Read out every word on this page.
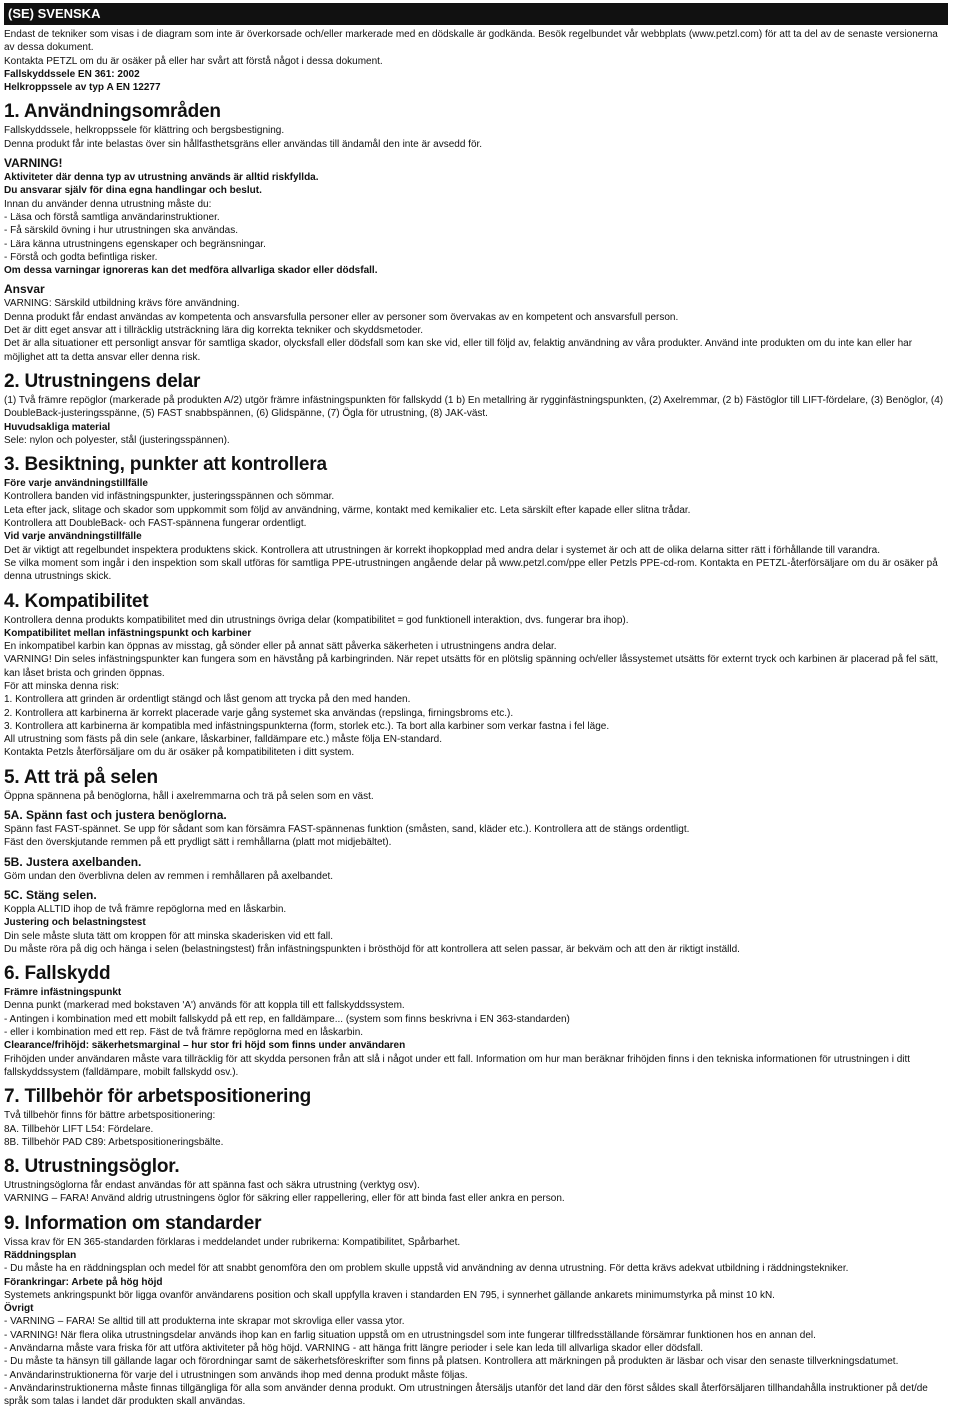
(SE) SVENSKA
Endast de tekniker som visas i de diagram som inte är överkorsade och/eller markerade med en dödskalle är godkända. Besök regelbundet vår webbplats (www.petzl.com) för att ta del av de senaste versionerna av dessa dokument.
Kontakta PETZL om du är osäker på eller har svårt att förstå något i dessa dokument.
Fallskyddssele EN 361: 2002
Helkroppssele av typ A EN 12277
1. Användningsområden
Fallskyddssele, helkroppssele för klättring och bergsbestigning.
Denna produkt får inte belastas över sin hållfasthetsgräns eller användas till ändamål den inte är avsedd för.
VARNING!
Aktiviteter där denna typ av utrustning används är alltid riskfyllda.
Du ansvarar själv för dina egna handlingar och beslut.
Innan du använder denna utrustning måste du:
- Läsa och förstå samtliga användarinstruktioner.
- Få särskild övning i hur utrustningen ska användas.
- Lära känna utrustningens egenskaper och begränsningar.
- Förstå och godta befintliga risker.
Om dessa varningar ignoreras kan det medföra allvarliga skador eller dödsfall.
Ansvar
VARNING: Särskild utbildning krävs före användning.
Denna produkt får endast användas av kompetenta och ansvarsfulla personer eller av personer som övervakas av en kompetent och ansvarsfull person.
Det är ditt eget ansvar att i tillräcklig utsträckning lära dig korrekta tekniker och skyddsmetoder.
Det är alla situationer ett personligt ansvar för samtliga skador, olycksfall eller dödsfall som kan ske vid, eller till följd av, felaktig användning av våra produkter. Använd inte produkten om du inte kan eller har möjlighet att ta detta ansvar eller denna risk.
2. Utrustningens delar
(1) Två främre repöglor (markerade på produkten A/2) utgör främre infästningspunkten för fallskydd (1 b) En metallring är rygginfästningspunkten, (2) Axelremmar, (2 b) Fästöglor till LIFT-fördelare, (3) Benöglor, (4) DoubleBack-justeringsspänne, (5) FAST snabbspännen, (6) Glidspänne, (7) Ögla för utrustning, (8) JAK-väst.
Huvudsakliga material
Sele: nylon och polyester, stål (justeringsspännen).
3. Besiktning, punkter att kontrollera
Före varje användningstillfälle
Kontrollera banden vid infästningspunkter, justeringsspännen och sömmar.
Leta efter jack, slitage och skador som uppkommit som följd av användning, värme, kontakt med kemikalier etc. Leta särskilt efter kapade eller slitna trådar.
Kontrollera att DoubleBack- och FAST-spännena fungerar ordentligt.
Vid varje användningstillfälle
Det är viktigt att regelbundet inspektera produktens skick. Kontrollera att utrustningen är korrekt ihopkopplad med andra delar i systemet är och att de olika delarna sitter rätt i förhållande till varandra.
Se vilka moment som ingår i den inspektion som skall utföras för samtliga PPE-utrustningen angående delar på www.petzl.com/ppe eller Petzls PPE-cd-rom. Kontakta en PETZL-återförsäljare om du är osäker på denna utrustnings skick.
4. Kompatibilitet
Kontrollera denna produkts kompatibilitet med din utrustnings övriga delar (kompatibilitet = god funktionell interaktion, dvs. fungerar bra ihop).
Kompatibilitet mellan infästningspunkt och karbiner
En inkompatibel karbin kan öppnas av misstag, gå sönder eller på annat sätt påverka säkerheten i utrustningens andra delar.
VARNING! Din seles infästningspunkter kan fungera som en hävstång på karbingrinden. När repet utsätts för en plötslig spänning och/eller låssystemet utsätts för externt tryck och karbinen är placerad på fel sätt, kan låset brista och grinden öppnas.
För att minska denna risk:
1. Kontrollera att grinden är ordentligt stängd och låst genom att trycka på den med handen.
2. Kontrollera att karbinerna är korrekt placerade varje gång systemet ska användas (repslinga, firningsbroms etc.).
3. Kontrollera att karbinerna är kompatibla med infästningspunkterna (form, storlek etc.). Ta bort alla karbiner som verkar fastna i fel läge.
All utrustning som fästs på din sele (ankare, låskarbiner, falldämpare etc.) måste följa EN-standard.
Kontakta Petzls återförsäljare om du är osäker på kompatibiliteten i ditt system.
5. Att trä på selen
Öppna spännena på benöglorna, håll i axelremmarna och trä på selen som en väst.
5A. Spänn fast och justera benöglorna.
Spänn fast FAST-spännet. Se upp för sådant som kan försämra FAST-spännenas funktion (småsten, sand, kläder etc.). Kontrollera att de stängs ordentligt.
Fäst den överskjutande remmen på ett prydligt sätt i remhållarna (platt mot midjebältet).
5B. Justera axelbanden.
Göm undan den överblivna delen av remmen i remhållaren på axelbandet.
5C. Stäng selen.
Koppla ALLTID ihop de två främre repöglorna med en låskarbin.
Justering och belastningstest
Din sele måste sluta tätt om kroppen för att minska skaderisken vid ett fall.
Du måste röra på dig och hänga i selen (belastningstest) från infästningspunkten i brösthöjd för att kontrollera att selen passar, är bekväm och att den är riktigt inställd.
6. Fallskydd
Främre infästningspunkt
Denna punkt (markerad med bokstaven 'A') används för att koppla till ett fallskyddssystem.
- Antingen i kombination med ett mobilt fallskydd på ett rep, en falldämpare... (system som finns beskrivna i EN 363-standarden)
- eller i kombination med ett rep. Fäst de två främre repöglorna med en låskarbin.
Clearance/frihöjd: säkerhetsmarginal – hur stor fri höjd som finns under användaren
Frihöjden under användaren måste vara tillräcklig för att skydda personen från att slå i något under ett fall. Information om hur man beräknar frihöjden finns i den tekniska informationen för utrustningen i ditt fallskyddssystem (falldämpare, mobilt fallskydd osv.).
7. Tillbehör för arbetspositionering
Två tillbehör finns för bättre arbetspositionering:
8A. Tillbehör LIFT L54: Fördelare.
8B. Tillbehör PAD C89: Arbetspositioneringsbälte.
8. Utrustningsöglor.
Utrustningsöglorna får endast användas för att spänna fast och säkra utrustning (verktyg osv).
VARNING – FARA! Använd aldrig utrustningens öglor för säkring eller rappellering, eller för att binda fast eller ankra en person.
9. Information om standarder
Vissa krav för EN 365-standarden förklaras i meddelandet under rubrikerna: Kompatibilitet, Spårbarhet.
Räddningsplan
- Du måste ha en räddningsplan och medel för att snabbt genomföra den om problem skulle uppstå vid användning av denna utrustning. För detta krävs adekvat utbildning i räddningstekniker.
Förankringar: Arbete på hög höjd
Systemets ankringspunkt bör ligga ovanför användarens position och skall uppfylla kraven i standarden EN 795, i synnerhet gällande ankarets minimumstyrka på minst 10 kN.
Övrigt
- VARNING – FARA! Se alltid till att produkterna inte skrapar mot skrovliga eller vassa ytor.
- VARNING! När flera olika utrustningsdelar används ihop kan en farlig situation uppstå om en utrustningsdel som inte fungerar tillfredsställande försämrar funktionen hos en annan del.
- Användarna måste vara friska för att utföra aktiviteter på hög höjd. VARNING - att hänga fritt längre perioder i sele kan leda till allvarliga skador eller dödsfall.
- Du måste ta hänsyn till gällande lagar och förordningar samt de säkerhetsföreskrifter som finns på platsen. Kontrollera att märkningen på produkten är läsbar och visar den senaste tillverkningsdatumet.
- Användarinstruktionerna för varje del i utrustningen som används ihop med denna produkt måste följas.
- Användarinstruktionerna måste finnas tillgängliga för alla som använder denna produkt. Om utrustningen återsäljs utanför det land där den först såldes skall återförsäljaren tillhandahålla instruktioner på det/de språk som talas i landet där produkten skall användas.
